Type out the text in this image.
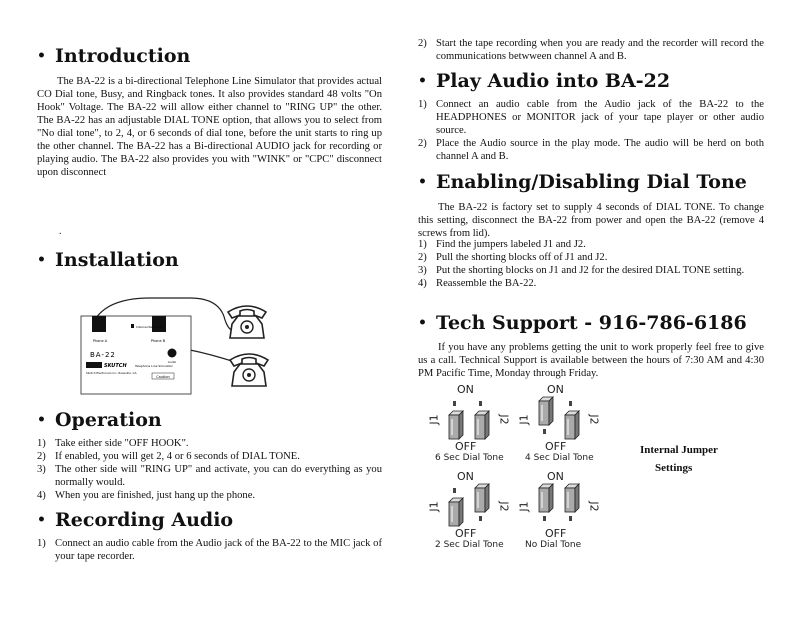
• Introduction

The BA-22 is a bi-directional Telephone Line Simulator that provides actual CO Dial tone, Busy, and Ringback tones. It also provides standard 48 volts "On Hook" Voltage. The BA-22 will allow either channel to "RING UP" the other. The BA-22 has an adjustable DIAL TONE option, that allows you to select from "No dial tone", to 2, 4, or 6 seconds of dial tone, before the unit starts to ring up the other channel. The BA-22 has a Bi-directional AUDIO jack for recording or playing audio. The BA-22 also provides you with "WINK" or "CPC" disconnect upon disconnect

.
• Installation
Phone A	Phone B
Internal Relay 4V
BA-22
Audio
SKUTCH	Telephone Line Simulator
Skutch Electronics Inc. Roseville, CA
Caution
• Operation
1) Take either side "OFF HOOK".
2) If enabled, you will get 2, 4 or 6 seconds of DIAL TONE.
3) The other side will "RING UP" and activate, you can do everything as you normally would.
4) When you are finished, just hang up the phone.
• Recording Audio
1) Connect an audio cable from the Audio jack of the BA-22 to the MIC jack of your tape recorder.
2) Start the tape recording when you are ready and the recorder will record the communications betwween channel A and B.
• Play Audio into BA-22
1) Connect an audio cable from the Audio jack of the BA-22 to the HEADPHONES or MONITOR jack of your tape player or other audio source.
2) Place the Audio source in the play mode. The audio will be herd on both channel A and B.
• Enabling/Disabling Dial Tone

The BA-22 is factory set to supply 4 seconds of DIAL TONE. To change this setting, disconnect the BA-22 from power and open the BA-22 (remove 4 screws from lid).

1) Find the jumpers labeled J1 and J2.
2) Pull the shorting blocks off of J1 and J2.
3) Put the shorting blocks on J1 and J2 for the desired DIAL TONE setting.
4) Reassemble the BA-22.
• Tech Support - 916-786-6186

If you have any problems getting the unit to work properly feel free to give us a call. Technical Support is available between the hours of 7:30 AM and 4:30 PM Pacific Time, Monday through Friday.

ON
OFF
J1	J2
6 Sec Dial Tone
ON
OFF
J1	J2
4 Sec Dial Tone
ON
OFF
J1	J2
2 Sec Dial Tone
ON
OFF
J1	J2
No Dial Tone
Internal Jumper
Settings
